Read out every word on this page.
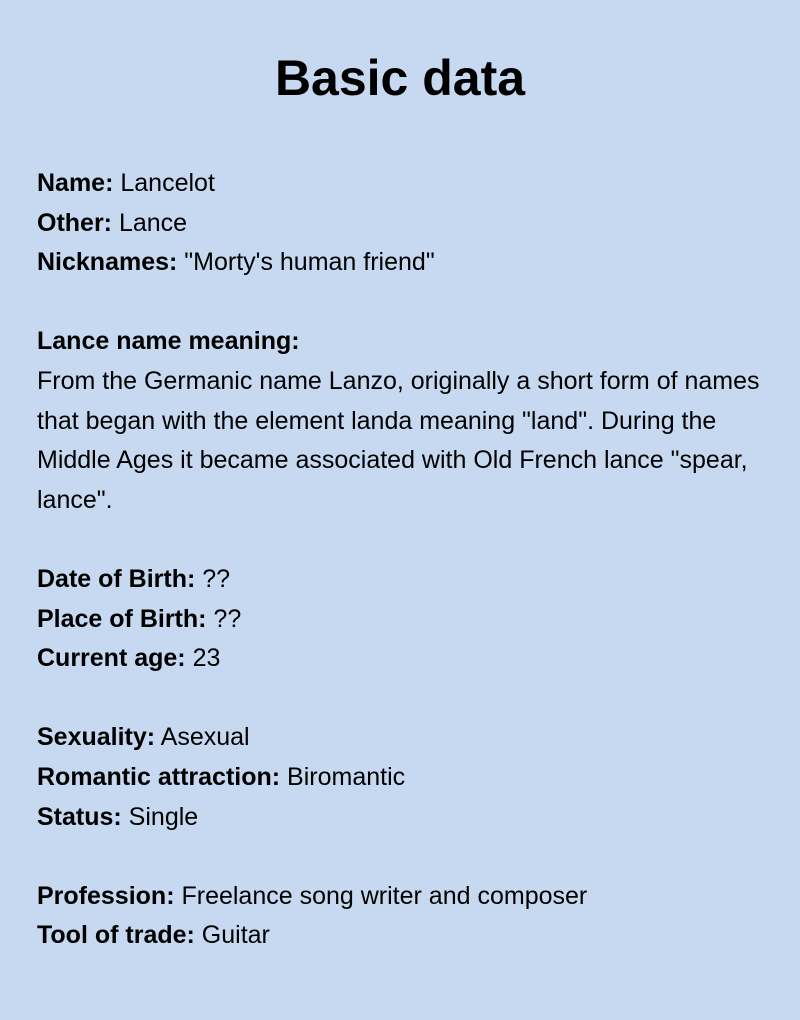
Basic data
Name: Lancelot
Other: Lance
Nicknames: "Morty's human friend"
Lance name meaning:

From the Germanic name Lanzo, originally a short form of names that began with the element landa meaning "land". During the Middle Ages it became associated with Old French lance "spear, lance".

Date of Birth: ??
Place of Birth: ??
Current age: 23
Sexuality: Asexual
Romantic attraction: Biromantic
Status: Single
Profession: Freelance song writer and composer
Tool of trade: Guitar
